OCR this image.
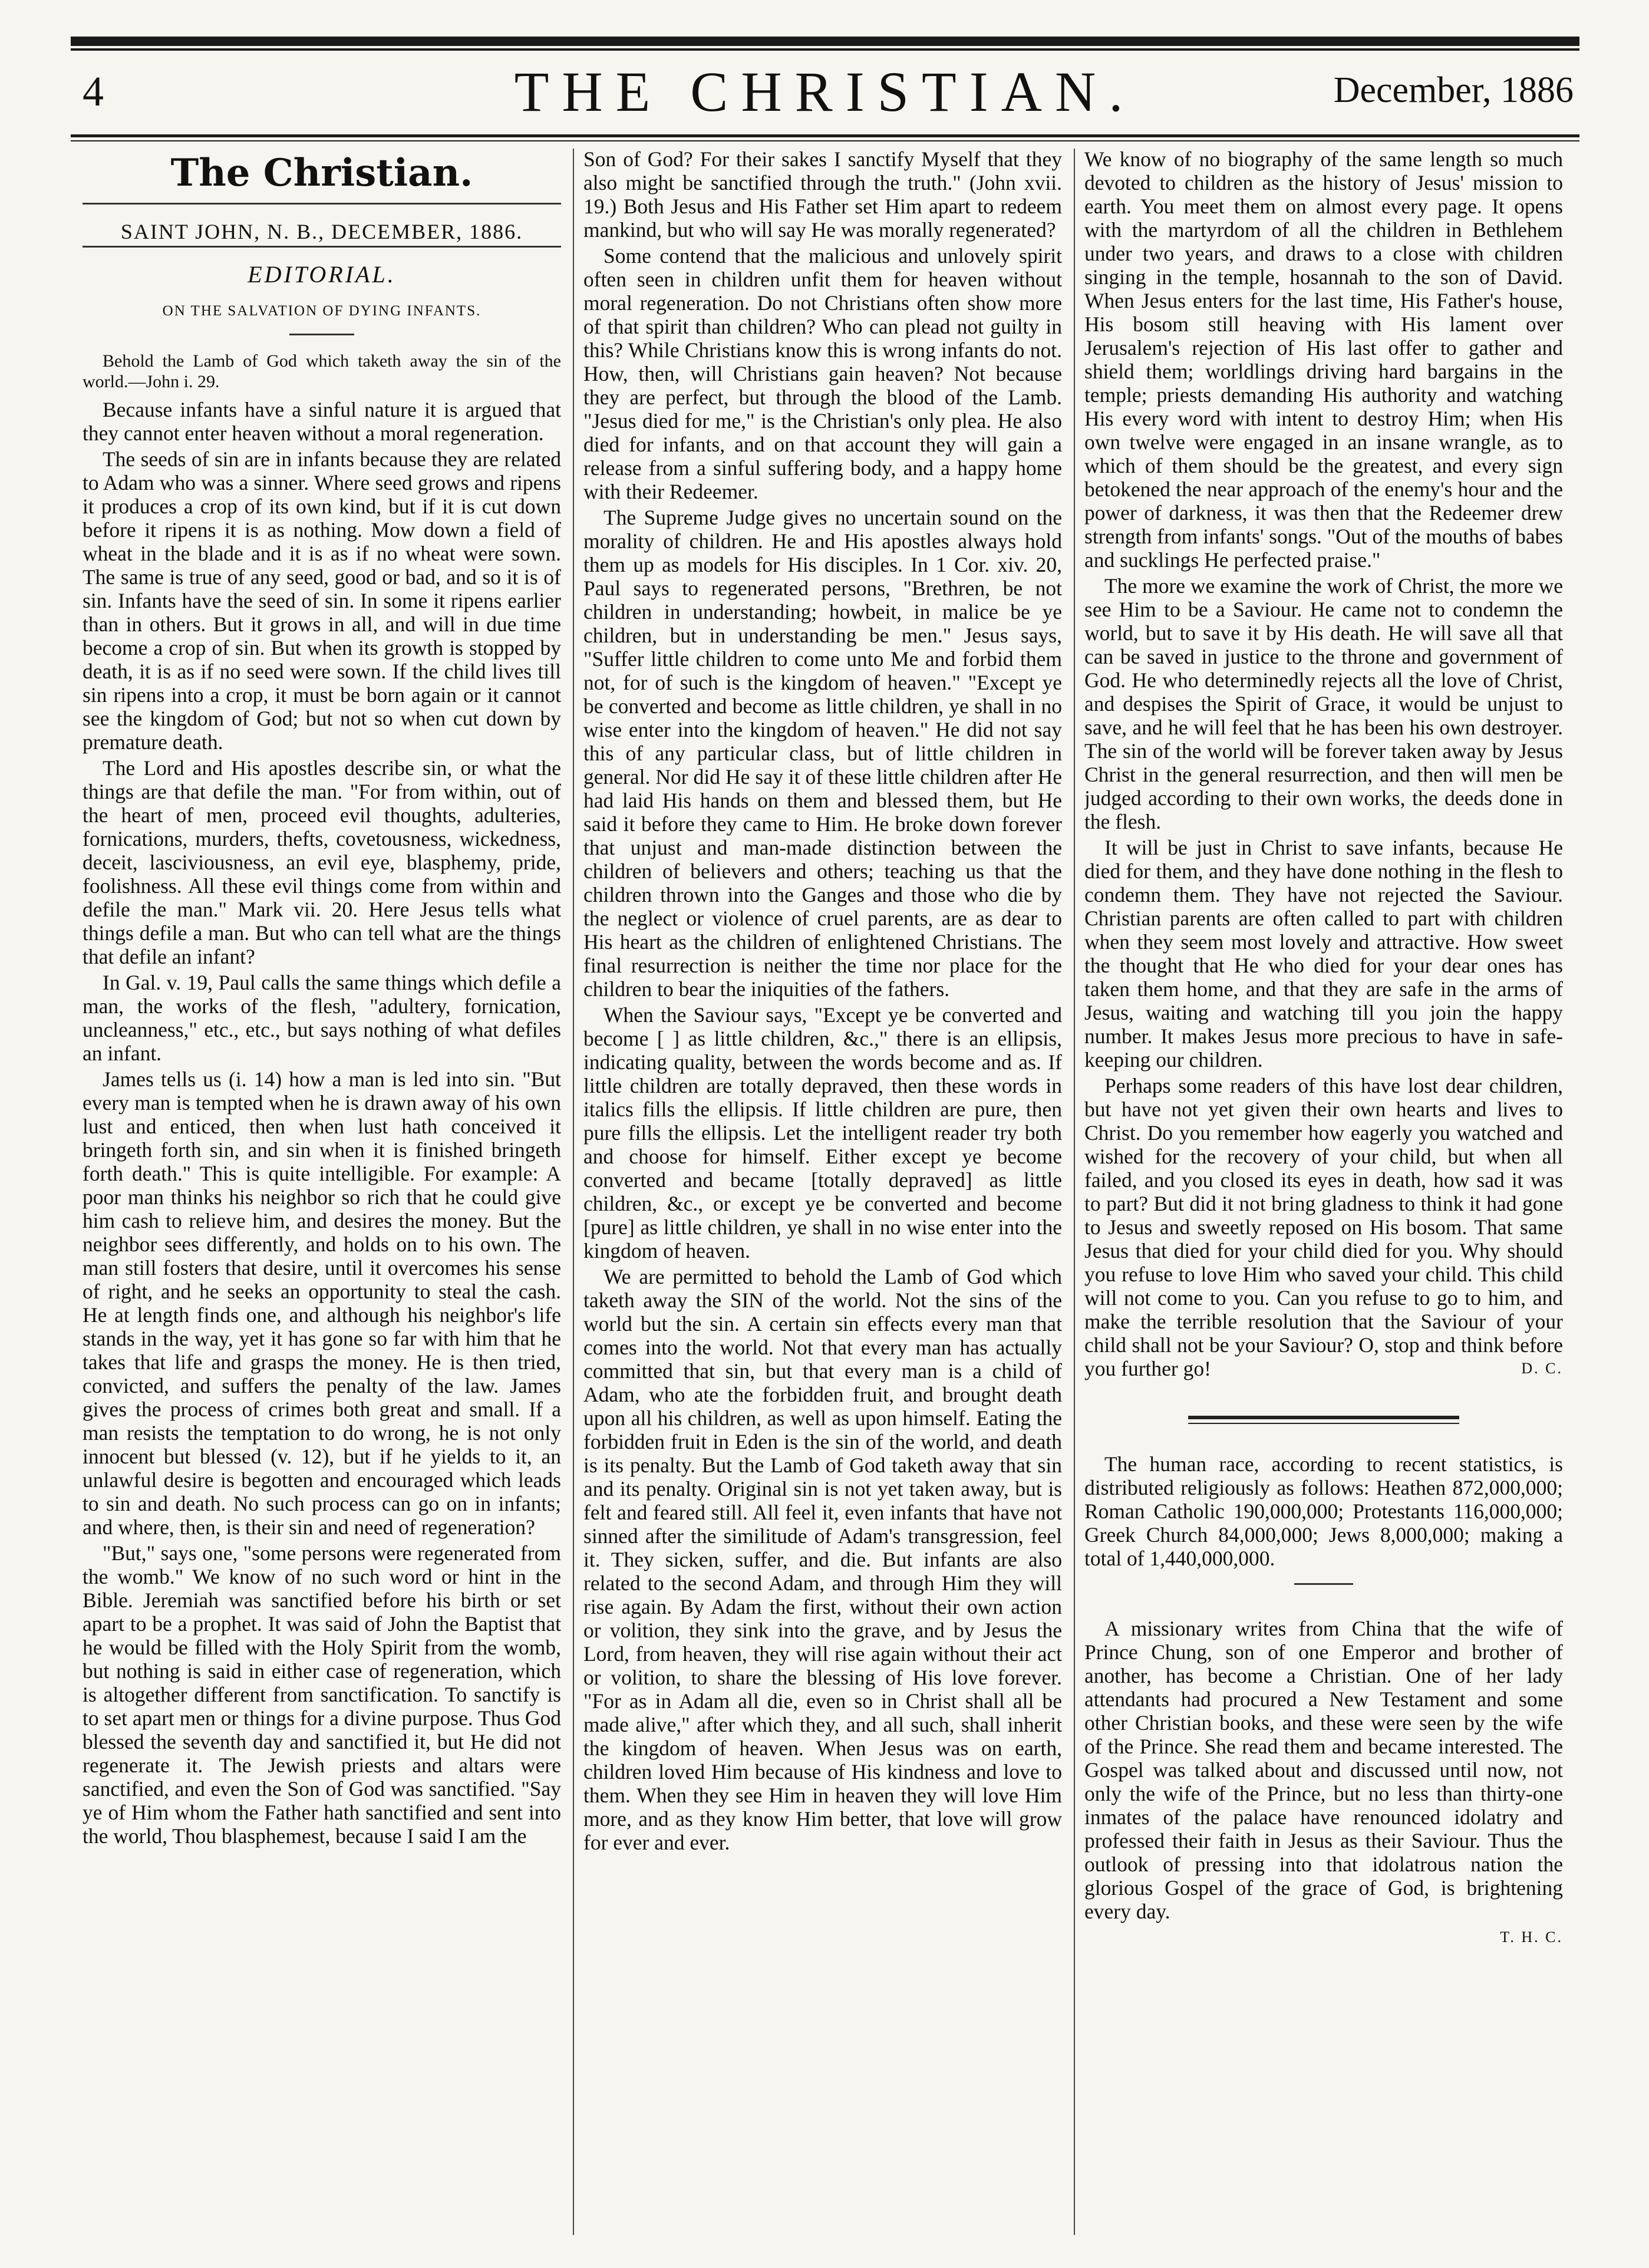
4	THE CHRISTIAN.	December, 1886
The Christian.

SAINT JOHN, N. B., DECEMBER, 1886.

EDITORIAL.
ON THE SALVATION OF DYING INFANTS.

Behold the Lamb of God which taketh away the sin of the world.—John i. 29.

Because infants have a sinful nature it is argued that they cannot enter heaven without a moral regeneration.

The seeds of sin are in infants because they are related to Adam who was a sinner. Where seed grows and ripens it produces a crop of its own kind, but if it is cut down before it ripens it is as nothing. Mow down a field of wheat in the blade and it is as if no wheat were sown. The same is true of any seed, good or bad, and so it is of sin. Infants have the seed of sin. In some it ripens earlier than in others. But it grows in all, and will in due time become a crop of sin. But when its growth is stopped by death, it is as if no seed were sown. If the child lives till sin ripens into a crop, it must be born again or it cannot see the kingdom of God; but not so when cut down by premature death.

The Lord and His apostles describe sin, or what the things are that defile the man. "For from within, out of the heart of men, proceed evil thoughts, adulteries, fornications, murders, thefts, covetousness, wickedness, deceit, lasciviousness, an evil eye, blasphemy, pride, foolishness. All these evil things come from within and defile the man." Mark vii. 20. Here Jesus tells what things defile a man. But who can tell what are the things that defile an infant?

In Gal. v. 19, Paul calls the same things which defile a man, the works of the flesh, "adultery, fornication, uncleanness," etc., etc., but says nothing of what defiles an infant.

James tells us (i. 14) how a man is led into sin. "But every man is tempted when he is drawn away of his own lust and enticed, then when lust hath conceived it bringeth forth sin, and sin when it is finished bringeth forth death." This is quite intelligible. For example: A poor man thinks his neighbor so rich that he could give him cash to relieve him, and desires the money. But the neighbor sees differently, and holds on to his own. The man still fosters that desire, until it overcomes his sense of right, and he seeks an opportunity to steal the cash. He at length finds one, and although his neighbor's life stands in the way, yet it has gone so far with him that he takes that life and grasps the money. He is then tried, convicted, and suffers the penalty of the law. James gives the process of crimes both great and small. If a man resists the temptation to do wrong, he is not only innocent but blessed (v. 12), but if he yields to it, an unlawful desire is begotten and encouraged which leads to sin and death. No such process can go on in infants; and where, then, is their sin and need of regeneration?

"But," says one, "some persons were regenerated from the womb." We know of no such word or hint in the Bible. Jeremiah was sanctified before his birth or set apart to be a prophet. It was said of John the Baptist that he would be filled with the Holy Spirit from the womb, but nothing is said in either case of regeneration, which is altogether different from sanctification. To sanctify is to set apart men or things for a divine purpose. Thus God blessed the seventh day and sanctified it, but He did not regenerate it. The Jewish priests and altars were sanctified, and even the Son of God was sanctified. "Say ye of Him whom the Father hath sanctified and sent into the world, Thou blasphemest, because I said I am the

Son of God? For their sakes I sanctify Myself that they also might be sanctified through the truth." (John xvii. 19.) Both Jesus and His Father set Him apart to redeem mankind, but who will say He was morally regenerated?

Some contend that the malicious and unlovely spirit often seen in children unfit them for heaven without moral regeneration. Do not Christians often show more of that spirit than children? Who can plead not guilty in this? While Christians know this is wrong infants do not. How, then, will Christians gain heaven? Not because they are perfect, but through the blood of the Lamb. "Jesus died for me," is the Christian's only plea. He also died for infants, and on that account they will gain a release from a sinful suffering body, and a happy home with their Redeemer.

The Supreme Judge gives no uncertain sound on the morality of children. He and His apostles always hold them up as models for His disciples. In 1 Cor. xiv. 20, Paul says to regenerated persons, "Brethren, be not children in understanding; howbeit, in malice be ye children, but in understanding be men." Jesus says, "Suffer little children to come unto Me and forbid them not, for of such is the kingdom of heaven." "Except ye be converted and become as little children, ye shall in no wise enter into the kingdom of heaven." He did not say this of any particular class, but of little children in general. Nor did He say it of these little children after He had laid His hands on them and blessed them, but He said it before they came to Him. He broke down forever that unjust and man-made distinction between the children of believers and others; teaching us that the children thrown into the Ganges and those who die by the neglect or violence of cruel parents, are as dear to His heart as the children of enlightened Christians. The final resurrection is neither the time nor place for the children to bear the iniquities of the fathers.

When the Saviour says, "Except ye be converted and become [ ] as little children, &c.," there is an ellipsis, indicating quality, between the words become and as. If little children are totally depraved, then these words in italics fills the ellipsis. If little children are pure, then pure fills the ellipsis. Let the intelligent reader try both and choose for himself. Either except ye become converted and became [totally depraved] as little children, &c., or except ye be converted and become [pure] as little children, ye shall in no wise enter into the kingdom of heaven.

We are permitted to behold the Lamb of God which taketh away the SIN of the world. Not the sins of the world but the sin. A certain sin effects every man that comes into the world. Not that every man has actually committed that sin, but that every man is a child of Adam, who ate the forbidden fruit, and brought death upon all his children, as well as upon himself. Eating the forbidden fruit in Eden is the sin of the world, and death is its penalty. But the Lamb of God taketh away that sin and its penalty. Original sin is not yet taken away, but is felt and feared still. All feel it, even infants that have not sinned after the similitude of Adam's transgression, feel it. They sicken, suffer, and die. But infants are also related to the second Adam, and through Him they will rise again. By Adam the first, without their own action or volition, they sink into the grave, and by Jesus the Lord, from heaven, they will rise again without their act or volition, to share the blessing of His love forever. "For as in Adam all die, even so in Christ shall all be made alive," after which they, and all such, shall inherit the kingdom of heaven. When Jesus was on earth, children loved Him because of His kindness and love to them. When they see Him in heaven they will love Him more, and as they know Him better, that love will grow for ever and ever.

We know of no biography of the same length so much devoted to children as the history of Jesus' mission to earth. You meet them on almost every page. It opens with the martyrdom of all the children in Bethlehem under two years, and draws to a close with children singing in the temple, hosannah to the son of David. When Jesus enters for the last time, His Father's house, His bosom still heaving with His lament over Jerusalem's rejection of His last offer to gather and shield them; worldlings driving hard bargains in the temple; priests demanding His authority and watching His every word with intent to destroy Him; when His own twelve were engaged in an insane wrangle, as to which of them should be the greatest, and every sign betokened the near approach of the enemy's hour and the power of darkness, it was then that the Redeemer drew strength from infants' songs. "Out of the mouths of babes and sucklings He perfected praise."

The more we examine the work of Christ, the more we see Him to be a Saviour. He came not to condemn the world, but to save it by His death. He will save all that can be saved in justice to the throne and government of God. He who determinedly rejects all the love of Christ, and despises the Spirit of Grace, it would be unjust to save, and he will feel that he has been his own destroyer. The sin of the world will be forever taken away by Jesus Christ in the general resurrection, and then will men be judged according to their own works, the deeds done in the flesh.

It will be just in Christ to save infants, because He died for them, and they have done nothing in the flesh to condemn them. They have not rejected the Saviour. Christian parents are often called to part with children when they seem most lovely and attractive. How sweet the thought that He who died for your dear ones has taken them home, and that they are safe in the arms of Jesus, waiting and watching till you join the happy number. It makes Jesus more precious to have in safe-keeping our children.

Perhaps some readers of this have lost dear children, but have not yet given their own hearts and lives to Christ. Do you remember how eagerly you watched and wished for the recovery of your child, but when all failed, and you closed its eyes in death, how sad it was to part? But did it not bring gladness to think it had gone to Jesus and sweetly reposed on His bosom. That same Jesus that died for your child died for you. Why should you refuse to love Him who saved your child. This child will not come to you. Can you refuse to go to him, and make the terrible resolution that the Saviour of your child shall not be your Saviour? O, stop and think before you further go!	D. C.

The human race, according to recent statistics, is distributed religiously as follows: Heathen 872,000,000; Roman Catholic 190,000,000; Protestants 116,000,000; Greek Church 84,000,000; Jews 8,000,000; making a total of 1,440,000,000.

A missionary writes from China that the wife of Prince Chung, son of one Emperor and brother of another, has become a Christian. One of her lady attendants had procured a New Testament and some other Christian books, and these were seen by the wife of the Prince. She read them and became interested. The Gospel was talked about and discussed until now, not only the wife of the Prince, but no less than thirty-one inmates of the palace have renounced idolatry and professed their faith in Jesus as their Saviour. Thus the outlook of pressing into that idolatrous nation the glorious Gospel of the grace of God, is brightening every day.

T. H. C.
